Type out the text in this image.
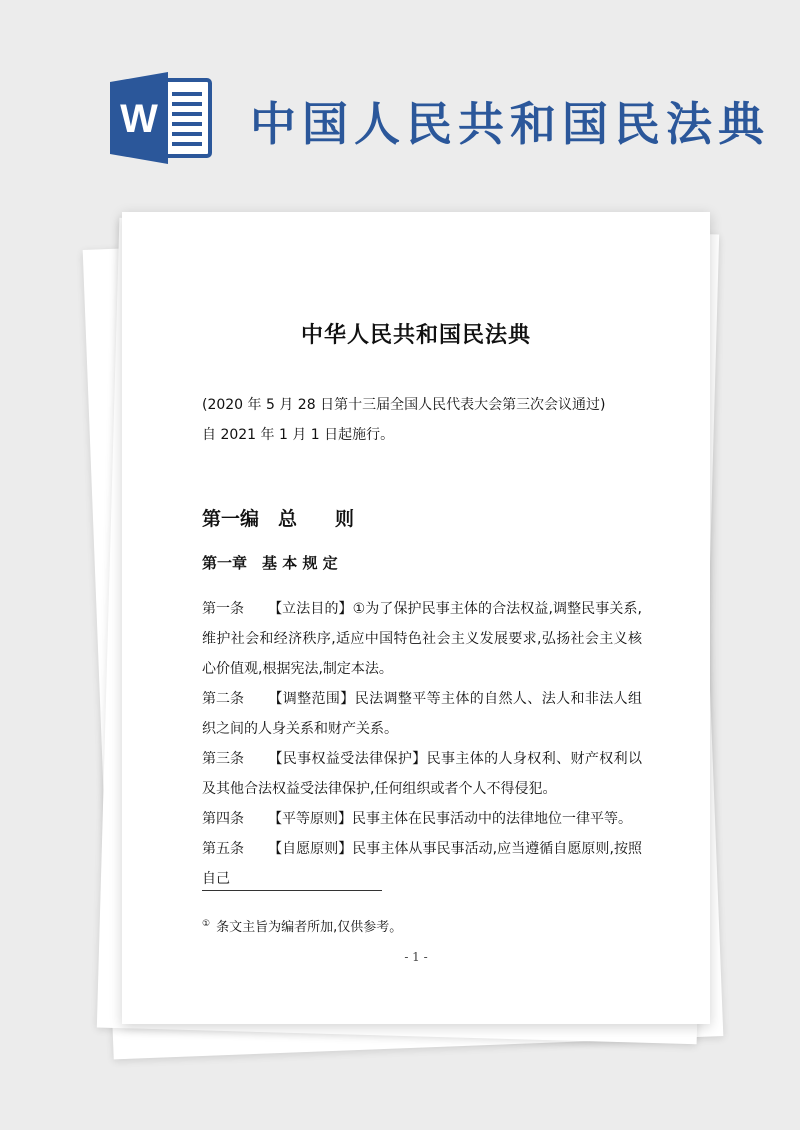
W 中国人民共和国民法典
中华人民共和国民法典
(2020 年 5 月 28 日第十三届全国人民代表大会第三次会议通过)
自 2021 年 1 月 1 日起施行。
第一编　总　　则
第一章　基 本 规 定

第一条 【立法目的】①为了保护民事主体的合法权益,调整民事关系,维护社会和经济秩序,适应中国特色社会主义发展要求,弘扬社会主义核心价值观,根据宪法,制定本法。

第二条 【调整范围】民法调整平等主体的自然人、法人和非法人组织之间的人身关系和财产关系。

第三条 【民事权益受法律保护】民事主体的人身权利、财产权利以及其他合法权益受法律保护,任何组织或者个人不得侵犯。

第四条 【平等原则】民事主体在民事活动中的法律地位一律平等。

第五条 【自愿原则】民事主体从事民事活动,应当遵循自愿原则,按照自己

① 条文主旨为编者所加,仅供参考。
- 1 -
